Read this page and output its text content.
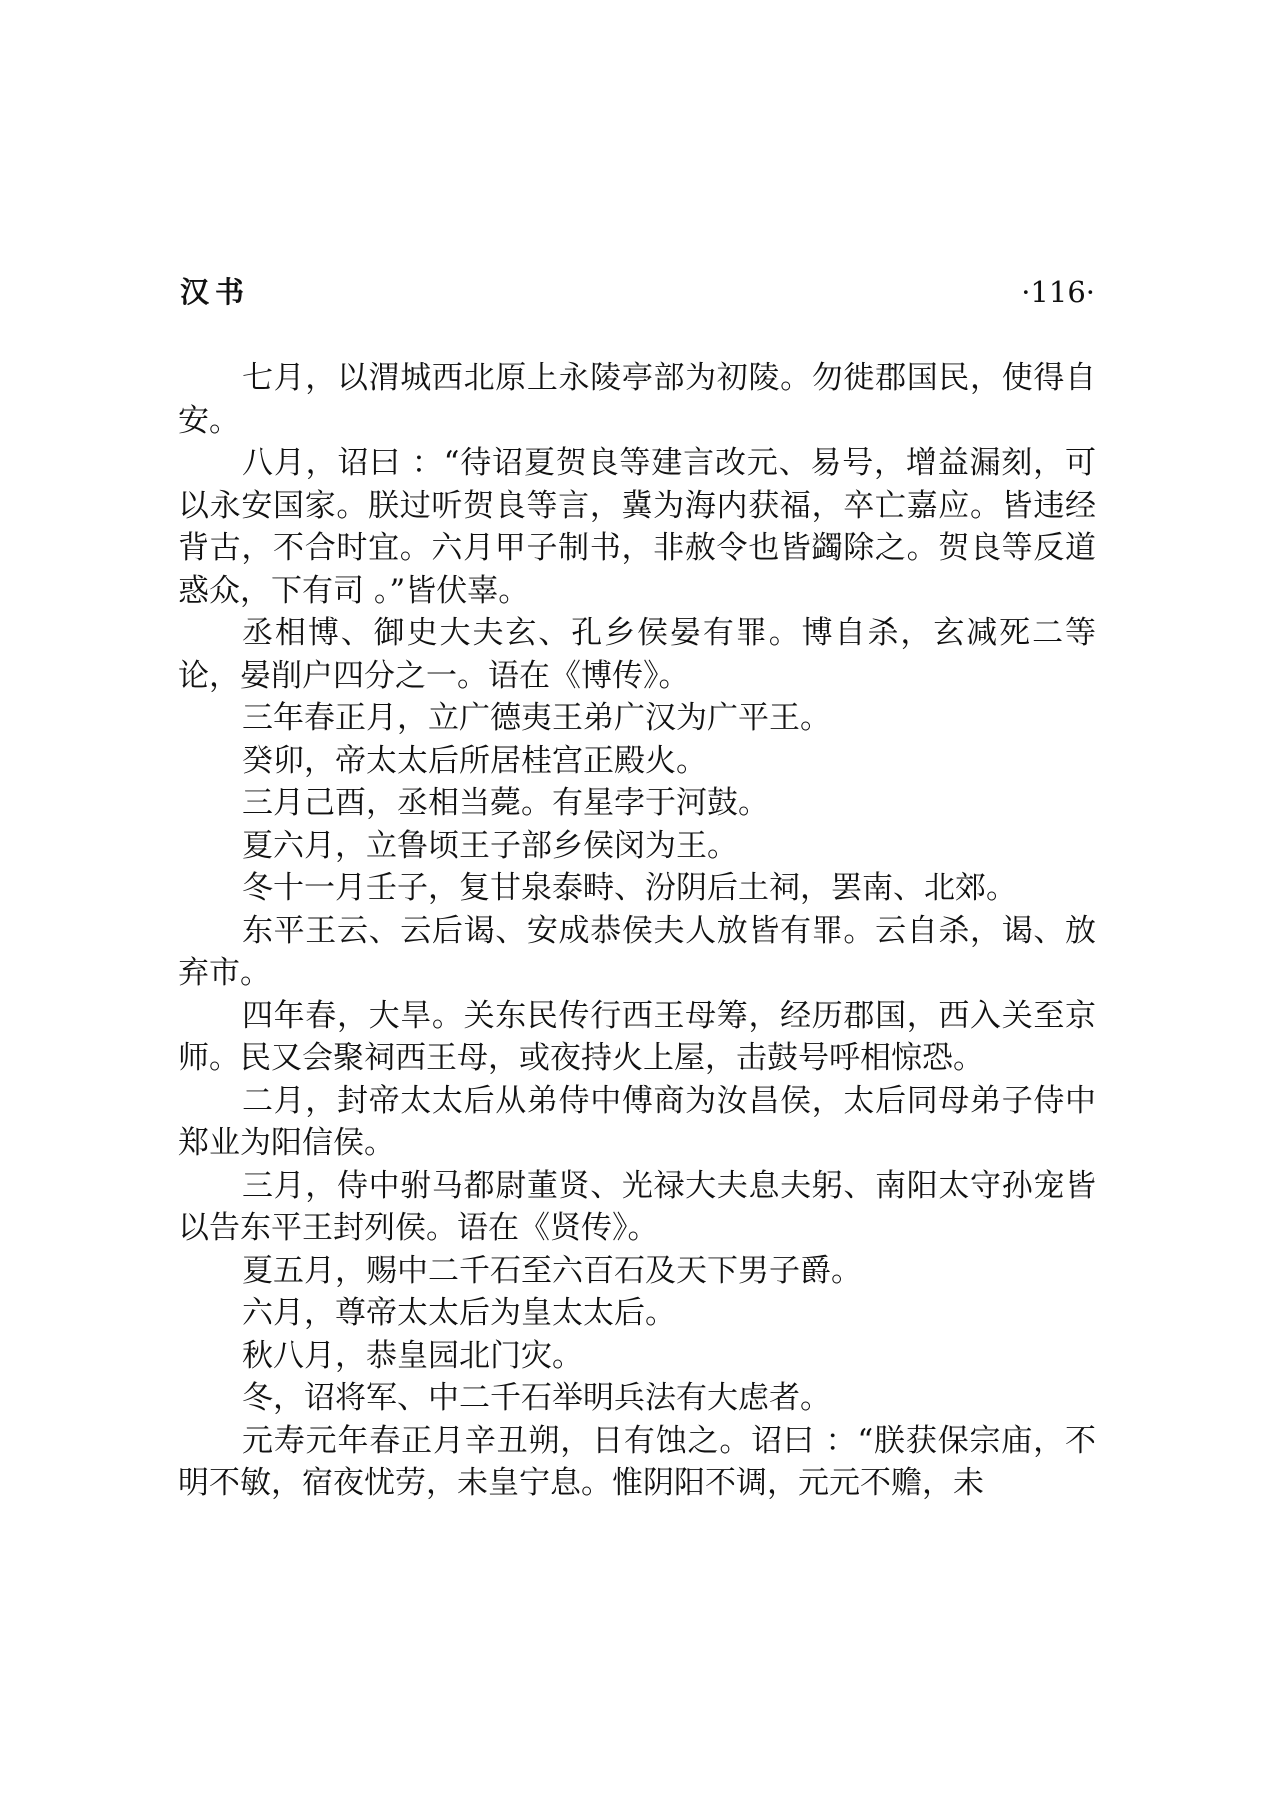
汉书	·116·

七月，以渭城西北原上永陵亭部为初陵。勿徙郡国民，使得自安。

八月，诏曰 ：“待诏夏贺良等建言改元、易号，增益漏刻，可以永安国家。朕过听贺良等言，冀为海内获福，卒亡嘉应。皆违经背古，不合时宜。六月甲子制书，非赦令也皆蠲除之。贺良等反道惑众，下有司 。”皆伏辜。

丞相博、御史大夫玄、孔乡侯晏有罪。博自杀，玄减死二等论，晏削户四分之一。语在《博传》。

三年春正月，立广德夷王弟广汉为广平王。

癸卯，帝太太后所居桂宫正殿火。

三月己酉，丞相当薨。有星孛于河鼓。

夏六月，立鲁顷王子部乡侯闵为王。

冬十一月壬子，复甘泉泰畤、汾阴后土祠，罢南、北郊。

东平王云、云后谒、安成恭侯夫人放皆有罪。云自杀，谒、放弃市。

四年春，大旱。关东民传行西王母筹，经历郡国，西入关至京师。民又会聚祠西王母，或夜持火上屋，击鼓号呼相惊恐。

二月，封帝太太后从弟侍中傅商为汝昌侯，太后同母弟子侍中郑业为阳信侯。

三月，侍中驸马都尉董贤、光禄大夫息夫躬、南阳太守孙宠皆以告东平王封列侯。语在《贤传》。

夏五月，赐中二千石至六百石及天下男子爵。

六月，尊帝太太后为皇太太后。

秋八月，恭皇园北门灾。

冬，诏将军、中二千石举明兵法有大虑者。

元寿元年春正月辛丑朔，日有蚀之。诏曰 ：“朕获保宗庙，不明不敏，宿夜忧劳，未皇宁息。惟阴阳不调，元元不赡，未
